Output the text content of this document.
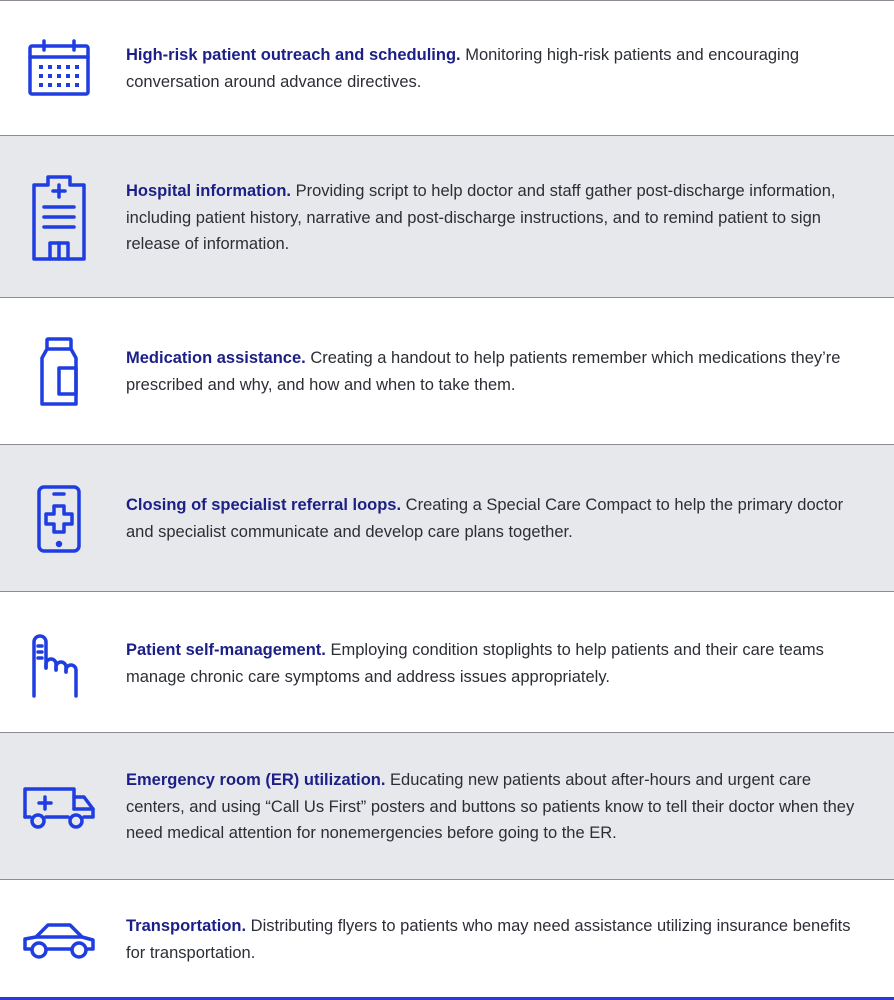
High-risk patient outreach and scheduling. Monitoring high-risk patients and encouraging conversation around advance directives.
Hospital information. Providing script to help doctor and staff gather post-discharge information, including patient history, narrative and post-discharge instructions, and to remind patient to sign release of information.
Medication assistance. Creating a handout to help patients remember which medications they’re prescribed and why, and how and when to take them.
Closing of specialist referral loops. Creating a Special Care Compact to help the primary doctor and specialist communicate and develop care plans together.
Patient self-management. Employing condition stoplights to help patients and their care teams manage chronic care symptoms and address issues appropriately.
Emergency room (ER) utilization. Educating new patients about after-hours and urgent care centers, and using “Call Us First” posters and buttons so patients know to tell their doctor when they need medical attention for nonemergencies before going to the ER.
Transportation. Distributing flyers to patients who may need assistance utilizing insurance benefits for transportation.
